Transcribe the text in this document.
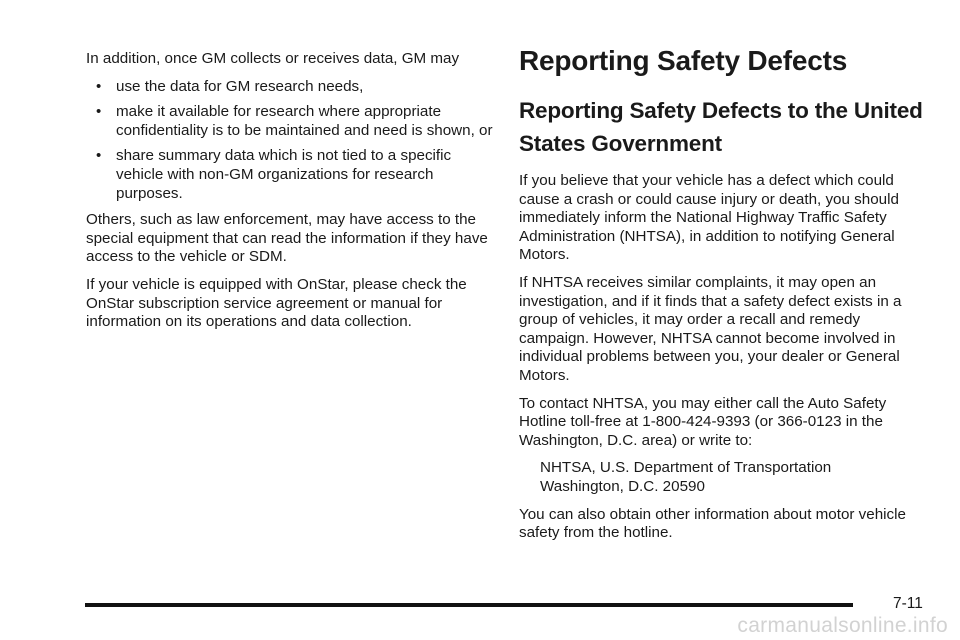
In addition, once GM collects or receives data, GM may

• use the data for GM research needs,
• make it available for research where appropriate confidentiality is to be maintained and need is shown, or
• share summary data which is not tied to a specific vehicle with non-GM organizations for research purposes.

Others, such as law enforcement, may have access to the special equipment that can read the information if they have access to the vehicle or SDM.

If your vehicle is equipped with OnStar, please check the OnStar subscription service agreement or manual for information on its operations and data collection.

Reporting Safety Defects
Reporting Safety Defects to the United States Government

If you believe that your vehicle has a defect which could cause a crash or could cause injury or death, you should immediately inform the National Highway Traffic Safety Administration (NHTSA), in addition to notifying General Motors.

If NHTSA receives similar complaints, it may open an investigation, and if it finds that a safety defect exists in a group of vehicles, it may order a recall and remedy campaign. However, NHTSA cannot become involved in individual problems between you, your dealer or General Motors.

To contact NHTSA, you may either call the Auto Safety Hotline toll-free at 1-800-424-9393 (or 366-0123 in the Washington, D.C. area) or write to:

NHTSA, U.S. Department of Transportation
Washington, D.C. 20590

You can also obtain other information about motor vehicle safety from the hotline.

7-11
carmanualsonline.info
